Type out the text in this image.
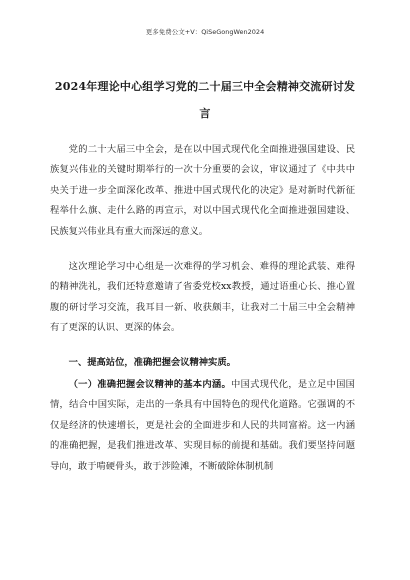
更多免费公文+V：QiSeGongWen2024
2024年理论中心组学习党的二十届三中全会精神交流研讨发言

党的二十大届三中全会，是在以中国式现代化全面推进强国建设、民族复兴伟业的关键时期举行的一次十分重要的会议，审议通过了《中共中央关于进一步全面深化改革、推进中国式现代化的决定》是对新时代新征程举什么旗、走什么路的再宣示，对以中国式现代化全面推进强国建设、民族复兴伟业具有重大而深远的意义。

这次理论学习中心组是一次难得的学习机会、难得的理论武装、难得的精神洗礼，我们还特意邀请了省委党校xx教授，通过语重心长、推心置腹的研讨学习交流，我耳目一新、收获颇丰，让我对二十届三中全会精神有了更深的认识、更深的体会。

一、提高站位，准确把握会议精神实质。

（一）准确把握会议精神的基本内涵。中国式现代化，是立足中国国情，结合中国实际，走出的一条具有中国特色的现代化道路。它强调的不仅是经济的快速增长，更是社会的全面进步和人民的共同富裕。这一内涵的准确把握，是我们推进改革、实现目标的前提和基础。我们要坚持问题导向，敢于啃硬骨头，敢于涉险滩，不断破除体制机制
